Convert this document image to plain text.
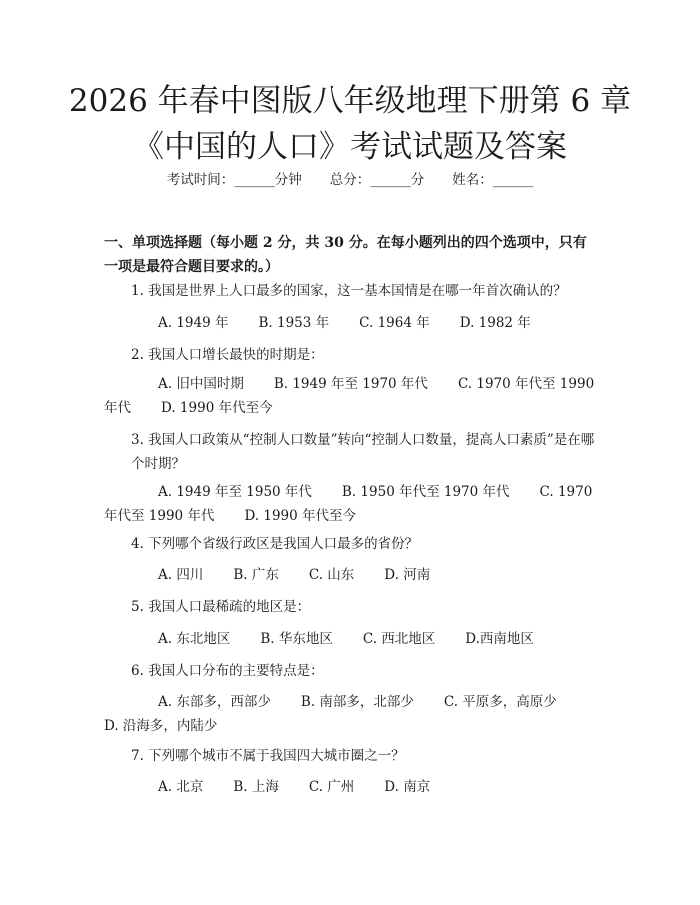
2026 年春中图版八年级地理下册第 6 章《中国的人口》考试试题及答案
考试时间：______分钟 总分：______分 姓名：______
一、单项选择题（每小题 2 分，共 30 分。在每小题列出的四个选项中，只有一项是最符合题目要求的。）
1. 我国是世界上人口最多的国家，这一基本国情是在哪一年首次确认的？
A. 1949 年 B. 1953 年 C. 1964 年 D. 1982 年
2. 我国人口增长最快的时期是：
A. 旧中国时期 B. 1949 年至 1970 年代 C. 1970 年代至 1990 年代 D. 1990 年代至今
3. 我国人口政策从“控制人口数量”转向“控制人口数量，提高人口素质”是在哪个时期？
A. 1949 年至 1950 年代 B. 1950 年代至 1970 年代 C. 1970 年代至 1990 年代 D. 1990 年代至今
4. 下列哪个省级行政区是我国人口最多的省份？
A. 四川 B. 广东 C. 山东 D. 河南
5. 我国人口最稀疏的地区是：
A. 东北地区 B. 华东地区 C. 西北地区 D.西南地区
6. 我国人口分布的主要特点是：
A. 东部多，西部少 B. 南部多，北部少 C. 平原多，高原少D. 沿海多，内陆少
7. 下列哪个城市不属于我国四大城市圈之一？
A. 北京 B. 上海 C. 广州 D. 南京
